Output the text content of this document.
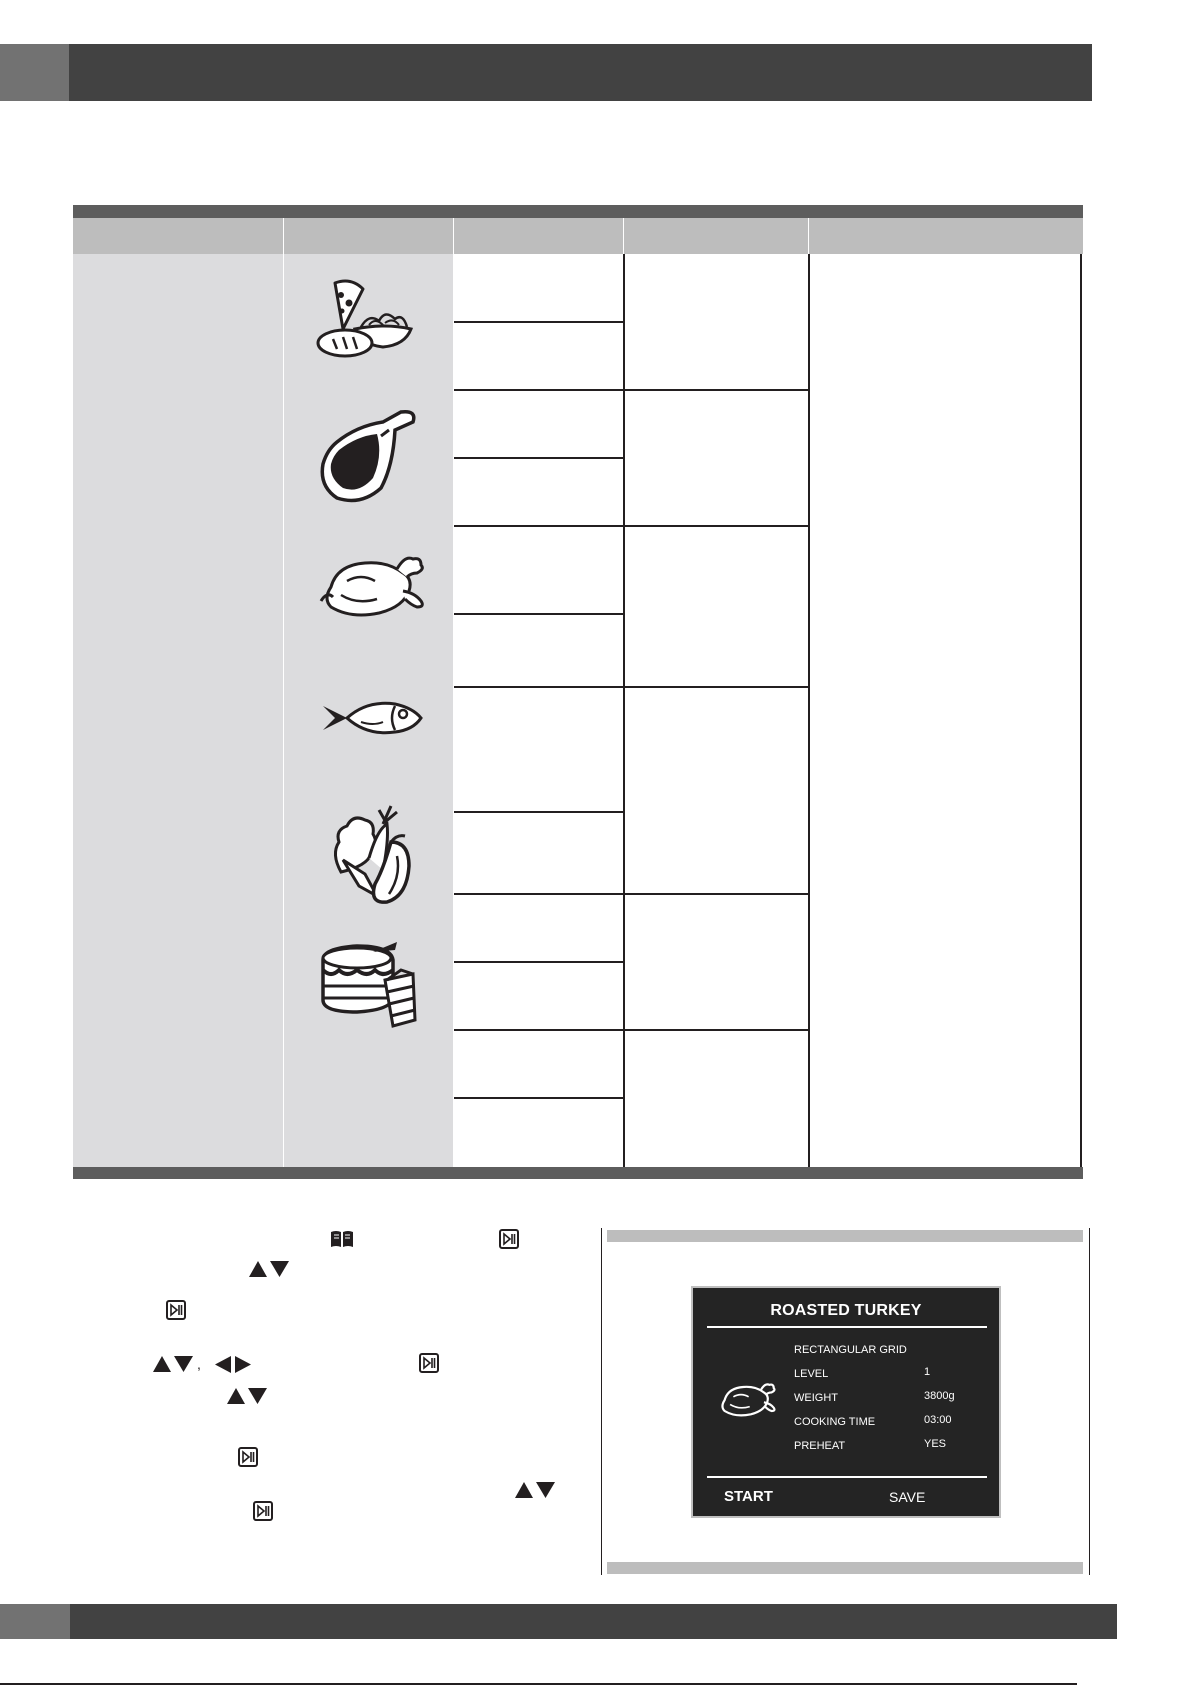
,
ROASTED TURKEY
RECTANGULAR GRID
LEVEL	1
WEIGHT	3800g
COOKING TIME	03:00
PREHEAT	YES
START	SAVE
